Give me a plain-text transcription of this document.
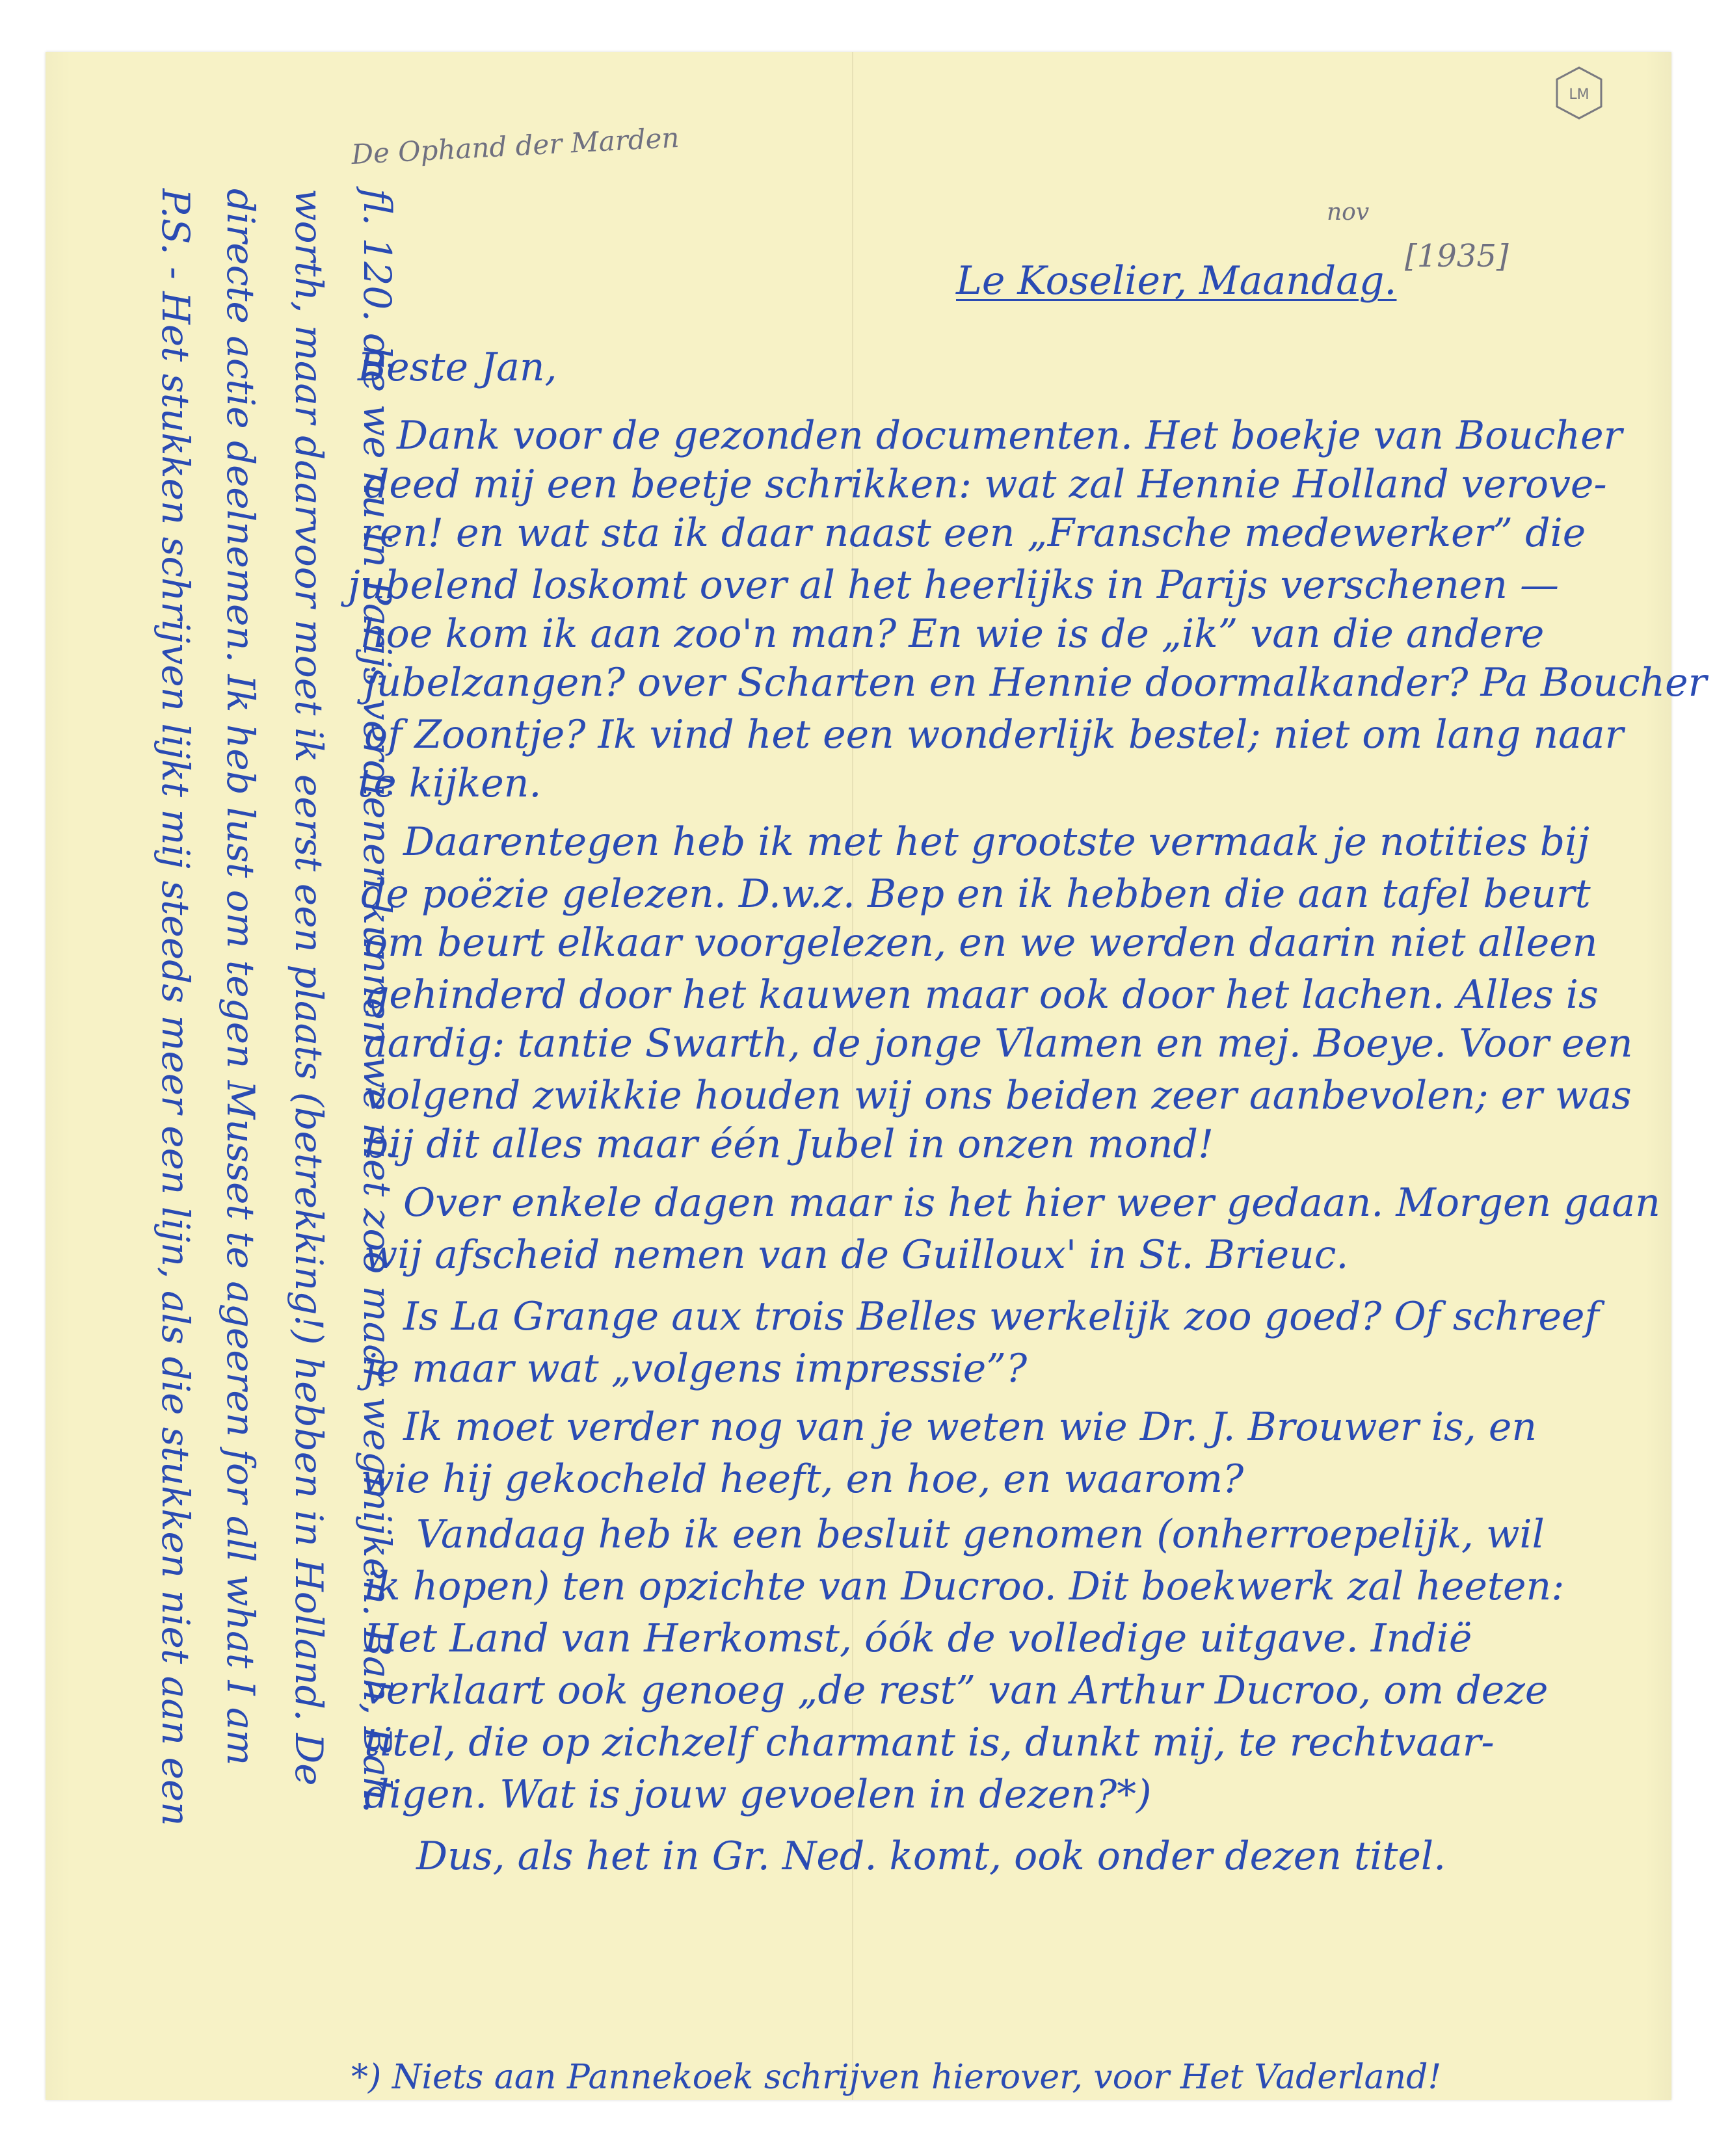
De Ophand der Marden
[1935]
nov
LM
Le Koselier, Maandag.
Beste Jan,
Dank voor de gezonden documenten. Het boekje van Boucher
deed mij een beetje schrikken: wat zal Hennie Holland verove-
ren! en wat sta ik daar naast een „Fransche medewerker” die
jubelend loskomt over al het heerlijks in Parijs verschenen —
hoe kom ik aan zoo'n man? En wie is de „ik” van die andere
jubelzangen? over Scharten en Hennie doormalkander? Pa Boucher
of Zoontje? Ik vind het een wonderlijk bestel; niet om lang naar
te kijken.
Daarentegen heb ik met het grootste vermaak je notities bij
de poëzie gelezen. D.w.z. Bep en ik hebben die aan tafel beurt
om beurt elkaar voorgelezen, en we werden daarin niet alleen
gehinderd door het kauwen maar ook door het lachen. Alles is
aardig: tantie Swarth, de jonge Vlamen en mej. Boeye. Voor een
volgend zwikkie houden wij ons beiden zeer aanbevolen; er was
bij dit alles maar één Jubel in onzen mond!
Over enkele dagen maar is het hier weer gedaan. Morgen gaan
wij afscheid nemen van de Guilloux' in St. Brieuc.
Is La Grange aux trois Belles werkelijk zoo goed? Of schreef
je maar wat „volgens impressie”?
Ik moet verder nog van je weten wie Dr. J. Brouwer is, en
wie hij gekocheld heeft, en hoe, en waarom?
Vandaag heb ik een besluit genomen (onherroepelijk, wil
ik hopen) ten opzichte van Ducroo. Dit boekwerk zal heeten:
Het Land van Herkomst, óók de volledige uitgave. Indië
verklaart ook genoeg „de rest” van Arthur Ducroo, om deze
titel, die op zichzelf charmant is, dunkt mij, te rechtvaar-
digen. Wat is jouw gevoelen in dezen?*)
Dus, als het in Gr. Ned. komt, ook onder dezen titel.
*) Niets aan Pannekoek schrijven hierover, voor Het Vaderland!
P.S. - Het stukken schrijven lijkt mij steeds meer een lijn, als die stukken niet aan een directe actie deelnemen. Ik heb lust om tegen Musset te ageeren for all what I am worth, maar daarvoor moet ik eerst een plaats (betrekking!) hebben in Holland. De fl. 120. die we nu in Parijs verdienen kunnen we niet zoo maar wegmijken. Bah, Bah.
